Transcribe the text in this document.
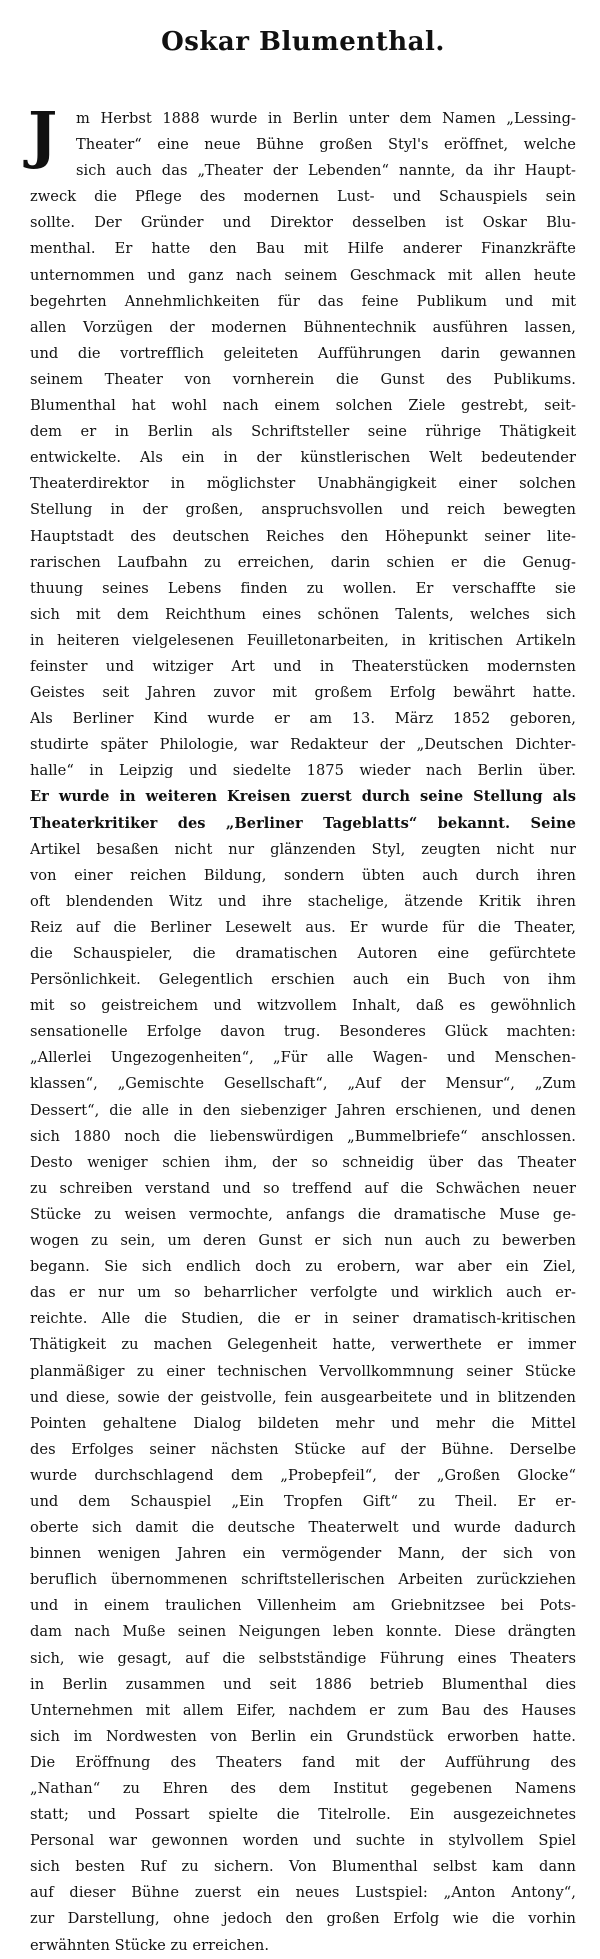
Oskar Blumenthal.
J	m Herbst 1888 wurde in Berlin unter dem Namen „Lessing-
Theater“ eine neue Bühne großen Styl's eröffnet, welche
sich auch das „Theater der Lebenden“ nannte, da ihr Haupt-
zweck die Pflege des modernen Lust- und Schauspiels sein
sollte. Der Gründer und Direktor desselben ist Oskar Blu-
menthal. Er hatte den Bau mit Hilfe anderer Finanzkräfte
unternommen und ganz nach seinem Geschmack mit allen heute
begehrten Annehmlichkeiten für das feine Publikum und mit
allen Vorzügen der modernen Bühnentechnik ausführen lassen,
und die vortrefflich geleiteten Aufführungen darin gewannen
seinem Theater von vornherein die Gunst des Publikums.
Blumenthal hat wohl nach einem solchen Ziele gestrebt, seit-
dem er in Berlin als Schriftsteller seine rührige Thätigkeit
entwickelte. Als ein in der künstlerischen Welt bedeutender
Theaterdirektor in möglichster Unabhängigkeit einer solchen
Stellung in der großen, anspruchsvollen und reich bewegten
Hauptstadt des deutschen Reiches den Höhepunkt seiner lite-
rarischen Laufbahn zu erreichen, darin schien er die Genug-
thuung seines Lebens finden zu wollen. Er verschaffte sie
sich mit dem Reichthum eines schönen Talents, welches sich
in heiteren vielgelesenen Feuilletonarbeiten, in kritischen Artikeln
feinster und witziger Art und in Theaterstücken modernsten
Geistes seit Jahren zuvor mit großem Erfolg bewährt hatte.
Als Berliner Kind wurde er am 13. März 1852 geboren,
studirte später Philologie, war Redakteur der „Deutschen Dichter-
halle“ in Leipzig und siedelte 1875 wieder nach Berlin über.
Er wurde in weiteren Kreisen zuerst durch seine Stellung als
Theaterkritiker des „Berliner Tageblatts“ bekannt. Seine
Artikel besaßen nicht nur glänzenden Styl, zeugten nicht nur
von einer reichen Bildung, sondern übten auch durch ihren
oft blendenden Witz und ihre stachelige, ätzende Kritik ihren
Reiz auf die Berliner Lesewelt aus. Er wurde für die Theater,
die Schauspieler, die dramatischen Autoren eine gefürchtete
Persönlichkeit. Gelegentlich erschien auch ein Buch von ihm
mit so geistreichem und witzvollem Inhalt, daß es gewöhnlich
sensationelle Erfolge davon trug. Besonderes Glück machten:
„Allerlei Ungezogenheiten“, „Für alle Wagen- und Menschen-
klassen“, „Gemischte Gesellschaft“, „Auf der Mensur“, „Zum
Dessert“, die alle in den siebenziger Jahren erschienen, und denen
sich 1880 noch die liebenswürdigen „Bummelbriefe“ anschlossen.
Desto weniger schien ihm, der so schneidig über das Theater
zu schreiben verstand und so treffend auf die Schwächen neuer
Stücke zu weisen vermochte, anfangs die dramatische Muse ge-
wogen zu sein, um deren Gunst er sich nun auch zu bewerben
begann. Sie sich endlich doch zu erobern, war aber ein Ziel,
das er nur um so beharrlicher verfolgte und wirklich auch er-
reichte. Alle die Studien, die er in seiner dramatisch-kritischen
Thätigkeit zu machen Gelegenheit hatte, verwerthete er immer
planmäßiger zu einer technischen Vervollkommnung seiner Stücke
und diese, sowie der geistvolle, fein ausgearbeitete und in blitzenden
Pointen gehaltene Dialog bildeten mehr und mehr die Mittel
des Erfolges seiner nächsten Stücke auf der Bühne. Derselbe
wurde durchschlagend dem „Probepfeil“, der „Großen Glocke“
und dem Schauspiel „Ein Tropfen Gift“ zu Theil. Er er-
oberte sich damit die deutsche Theaterwelt und wurde dadurch
binnen wenigen Jahren ein vermögender Mann, der sich von
beruflich übernommenen schriftstellerischen Arbeiten zurückziehen
und in einem traulichen Villenheim am Griebnitzsee bei Pots-
dam nach Muße seinen Neigungen leben konnte. Diese drängten
sich, wie gesagt, auf die selbstständige Führung eines Theaters
in Berlin zusammen und seit 1886 betrieb Blumenthal dies
Unternehmen mit allem Eifer, nachdem er zum Bau des Hauses
sich im Nordwesten von Berlin ein Grundstück erworben hatte.
Die Eröffnung des Theaters fand mit der Aufführung des
„Nathan“ zu Ehren des dem Institut gegebenen Namens
statt; und Possart spielte die Titelrolle. Ein ausgezeichnetes
Personal war gewonnen worden und suchte in stylvollem Spiel
sich besten Ruf zu sichern. Von Blumenthal selbst kam dann
auf dieser Bühne zuerst ein neues Lustspiel: „Anton Antony“,
zur Darstellung, ohne jedoch den großen Erfolg wie die vorhin
erwähnten Stücke zu erreichen.
